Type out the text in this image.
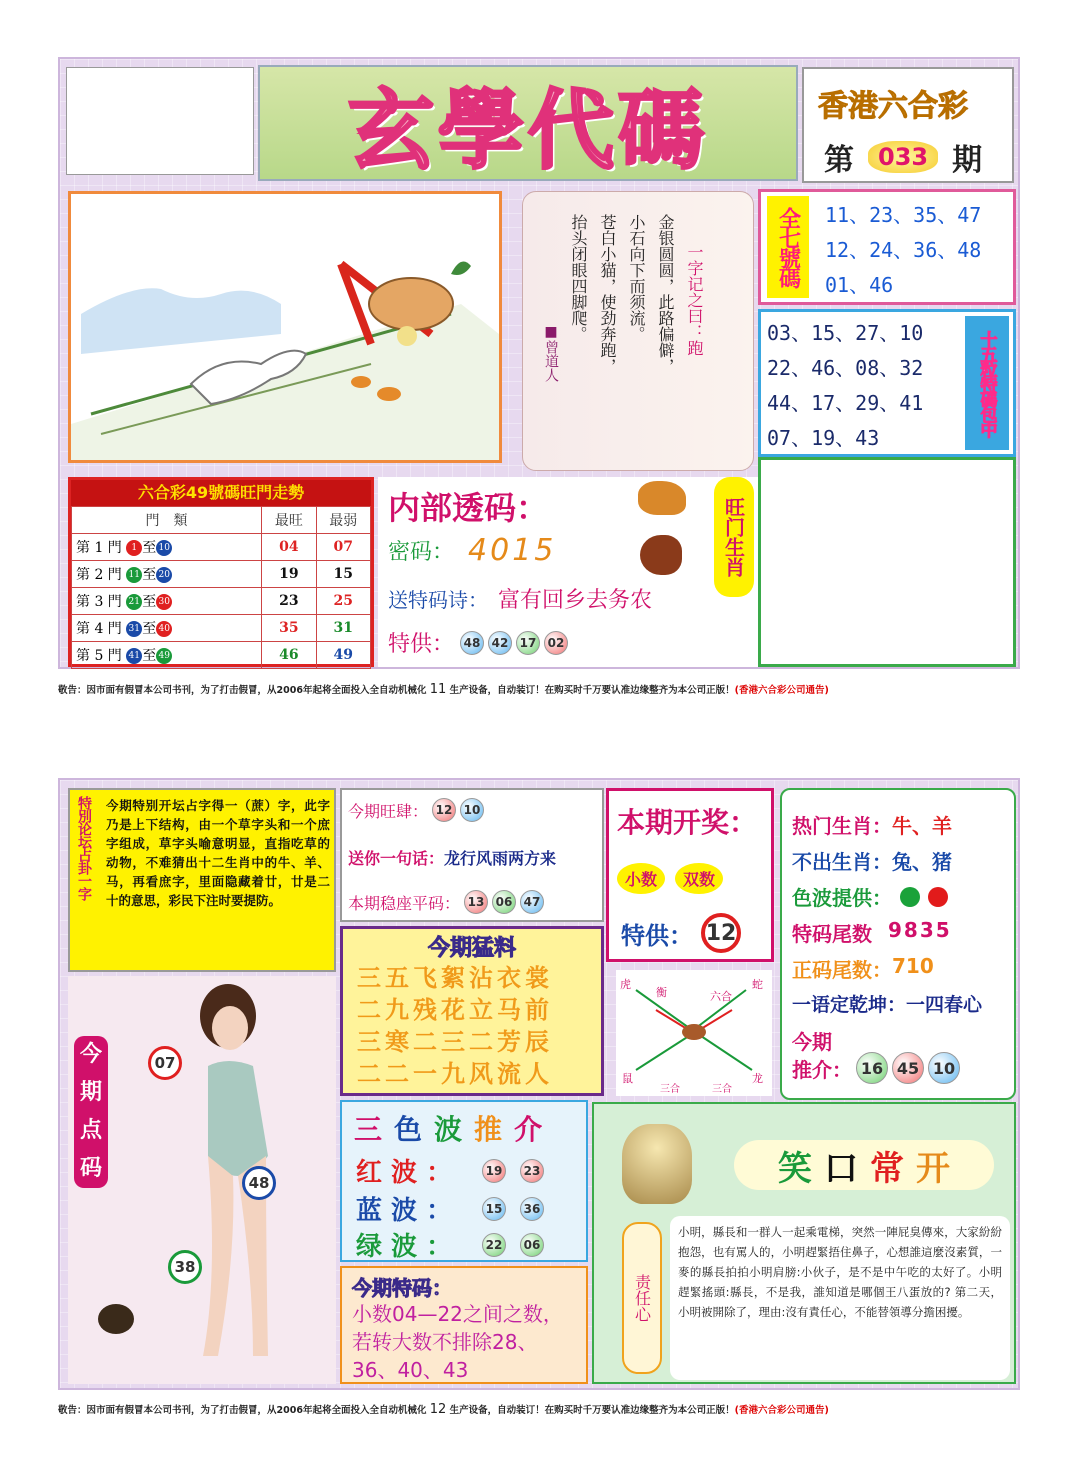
玄學代碼	香港六合彩
第	033 期
一字记之曰：跑
金银圆圆，此路偏僻，
小石向下而须流。
苍白小猫，使劲奔跑，
抬头闭眼四脚爬。
■曾道人
全七號碼	11、23、35、47
12、24、36、48
01、46
03、15、27、10
22、46、08、32
44、17、29、41
07、19、43
十五粒特碼包中
六合彩49號碼旺門走勢
門　類	最旺	最弱
第 1 門 1 至 10	04	07
第 2 門 11 至 20	19	15
第 3 門 21 至 30	23	25
第 4 門 31 至 40	35	31
第 5 門 41 至 49	46	49
内部透码：
密码： 4015
送特码诗： 富有回乡去务农
特供： 48 42 17 02
旺门生肖
敬告：因市面有假冒本公司书刊，为了打击假冒，从2006年起将全面投入全自动机械化 11 生产设备，自动装订！在购买时千万要认准边缘整齐为本公司正版！(香港六合彩公司通告)
特別论坛占卦一字 今期特别开坛占字得一（蔗）字，此字乃是上下结构，由一个草字头和一个庶字组成，草字头喻意明显，直指吃草的动物，不难猜出十二生肖中的牛、羊、马，再看庶字，里面隐藏着廿，廿是二十的意思，彩民下注时要提防。
今期点码
07
48
38
今期旺肆： 12 10
送你一句话： 龙行风雨两方来
本期稳座平码： 13 06 47
本期开奖：
小数	双数
特供： 12
热门生肖： 牛、羊
不出生肖： 兔、猪
色波提供：
特码尾数 9835
正码尾数： 710
一语定乾坤： 一四春心
今期
推介： 16 45 10
今期猛料
三五飞絮沾衣裳
二九残花立马前
三寒二三二芳辰
二二一九风流人
虎
衡	六合
蛇
鼠
三合	三合
龙
三 色 波 推 介
红 波 ：	19	23
蓝 波 ：	15	36
绿 波 ：	22	06
今期特码：
小数04—22之间之数，若转大数不排除28、36、40、43
笑 口 常 开
责任心
小明，縣長和一群人一起乘電梯，突然一陣屁臭傳來，大家紛紛抱怨，也有罵人的，小明趕緊捂住鼻子，心想誰這麼沒素質，一麥的縣長拍拍小明肩膀:小伙子，是不是中午吃的太好了。小明趕緊搖頭:縣長，不是我，誰知道是哪個王八蛋放的? 第二天，小明被開除了，理由:沒有責任心，不能替領導分擔困擾。
敬告：因市面有假冒本公司书刊，为了打击假冒，从2006年起将全面投入全自动机械化 12 生产设备，自动装订！在购买时千万要认准边缘整齐为本公司正版！(香港六合彩公司通告)
